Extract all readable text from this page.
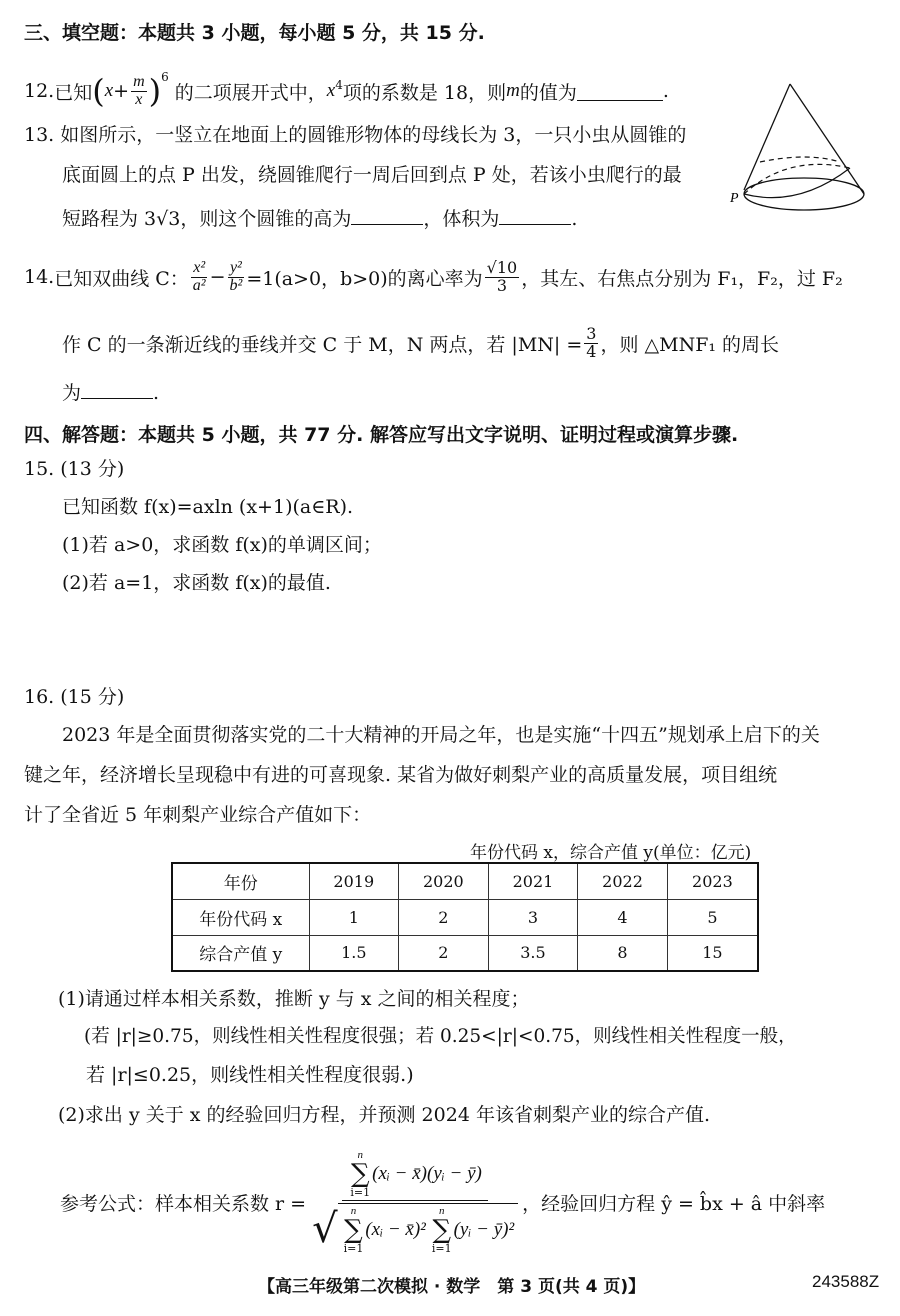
三、填空题：本题共 3 小题，每小题 5 分，共 15 分.
12. 已知 ( $x + \frac{m}{x} )^6$
的二项展开式中， $x^4$ 项的系数是 18，则 m 的值为	.
13. 如图所示，一竖立在地面上的圆锥形物体的母线长为 3，一只小虫从圆锥的
底面圆上的点 P 出发，绕圆锥爬行一周后回到点 P 处，若该小虫爬行的最
短路程为 3√3，则这个圆锥的高为	，体积为	.
P
14. 已知双曲线 C： $\frac{\text{x²}}{\text{a²}} - \frac{\text{y²}}{\text{b²}} =1(a>0$，b>0)的离心率为 $\frac{√10}{3}$ ，其左、右焦点分别为 F₁，F₂，过 F₂
作 C 的一条渐近线的垂线并交 C 于 M，N 两点，若 $|MN| = \frac{3}{4}$ ，则 △MNF₁ 的周长
为	.
四、解答题：本题共 5 小题，共 77 分. 解答应写出文字说明、证明过程或演算步骤.
15. (13 分)
已知函数 f(x)=axln (x+1)(a∈R).
(1)若 a>0，求函数 f(x)的单调区间；
(2)若 a=1，求函数 f(x)的最值.
16. (15 分)
2023 年是全面贯彻落实党的二十大精神的开局之年，也是实施“十四五”规划承上启下的关
键之年，经济增长呈现稳中有进的可喜现象. 某省为做好刺梨产业的高质量发展，项目组统
计了全省近 5 年刺梨产业综合产值如下：
年份代码 x，综合产值 y(单位：亿元)
年份	2019	2020	2021	2022	2023
年份代码 x	1	2	3	4	5
综合产值 y	1.5	2	3.5	8	15
(1)请通过样本相关系数，推断 y 与 x 之间的相关程度；
(若 |r|≥0.75，则线性相关性程度很强；若 0.25<|r|<0.75，则线性相关性程度一般，
若 |r|≤0.25，则线性相关性程度很弱.)
(2)求出 y 关于 x 的经验回归方程，并预测 2024 年该省刺梨产业的综合产值.
参考公式：样本相关系数 r =
n
∑
i=1
(xᵢ − x̄)(yᵢ − ȳ)
√ n
∑
i=1
(xᵢ − x̄)²
n
∑
i=1
(yᵢ − ȳ)²
，经验回归方程 ŷ = b̂x + â 中斜率
【高三年级第二次模拟 · 数学　第 3 页(共 4 页)】	243588Z
